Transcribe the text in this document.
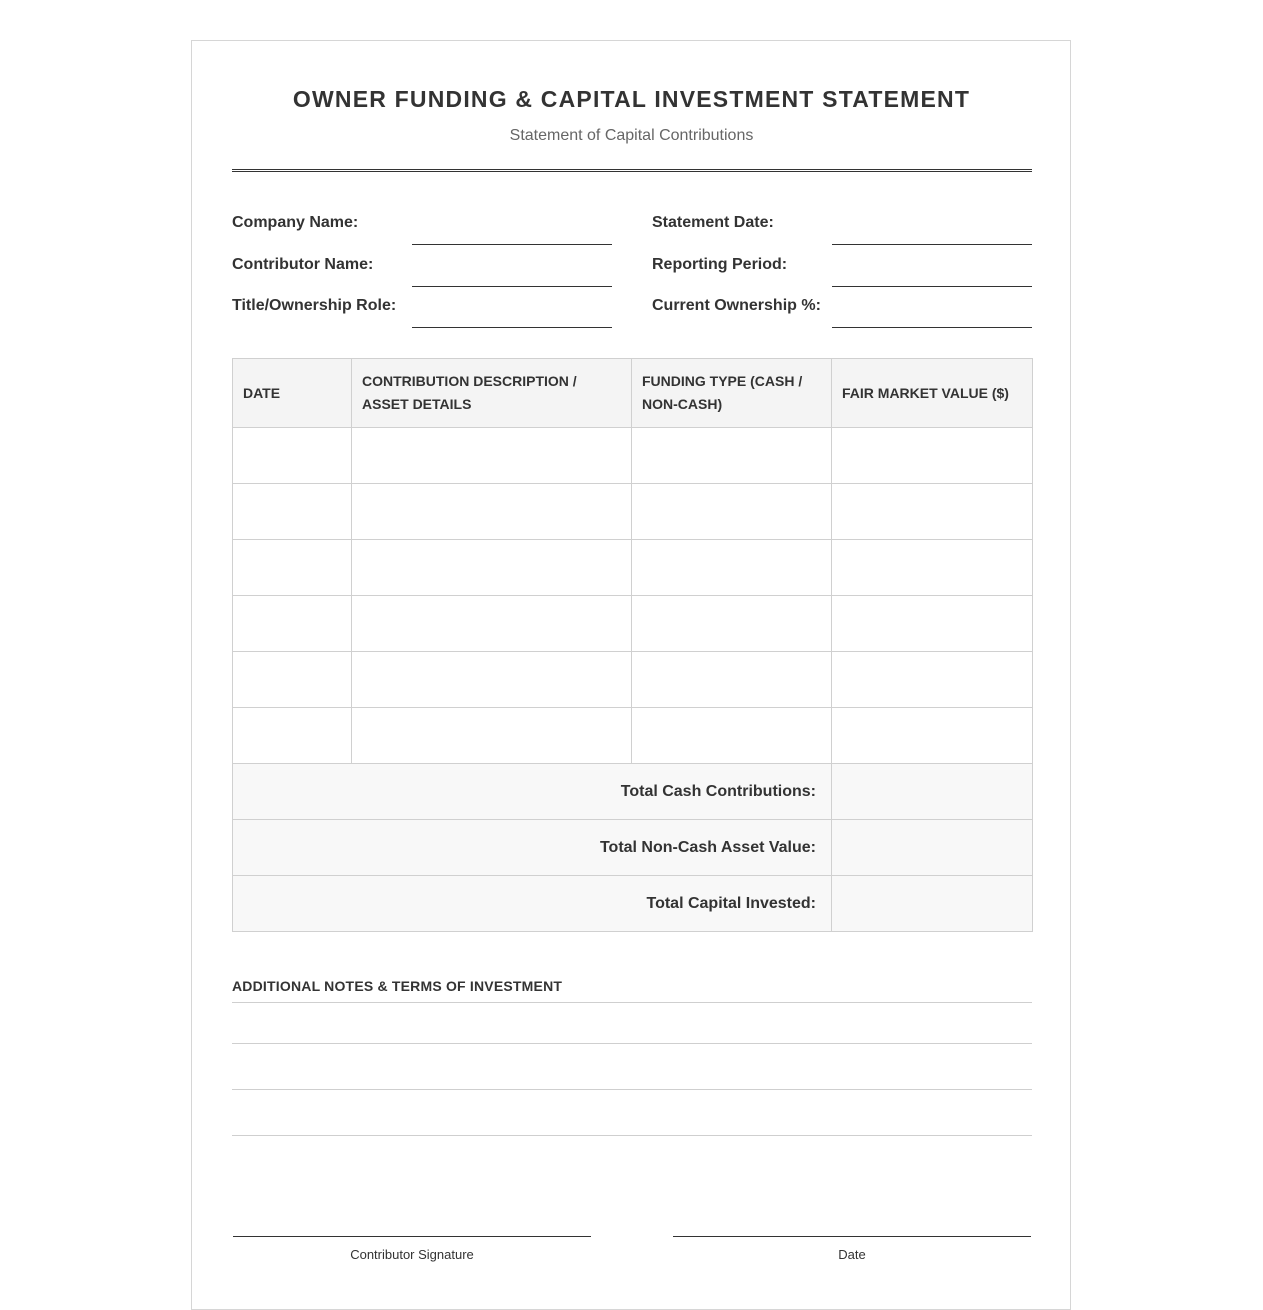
OWNER FUNDING & CAPITAL INVESTMENT STATEMENT
Statement of Capital Contributions
Company Name:	Statement Date:
Contributor Name:	Reporting Period:
Title/Ownership Role:	Current Ownership %:
DATE	CONTRIBUTION DESCRIPTION / ASSET DETAILS	FUNDING TYPE (CASH / NON-CASH)	FAIR MARKET VALUE ($)

Total Cash Contributions:			
Total Non-Cash Asset Value:			
Total Capital Invested:			
ADDITIONAL NOTES & TERMS OF INVESTMENT
Contributor Signature	Date
